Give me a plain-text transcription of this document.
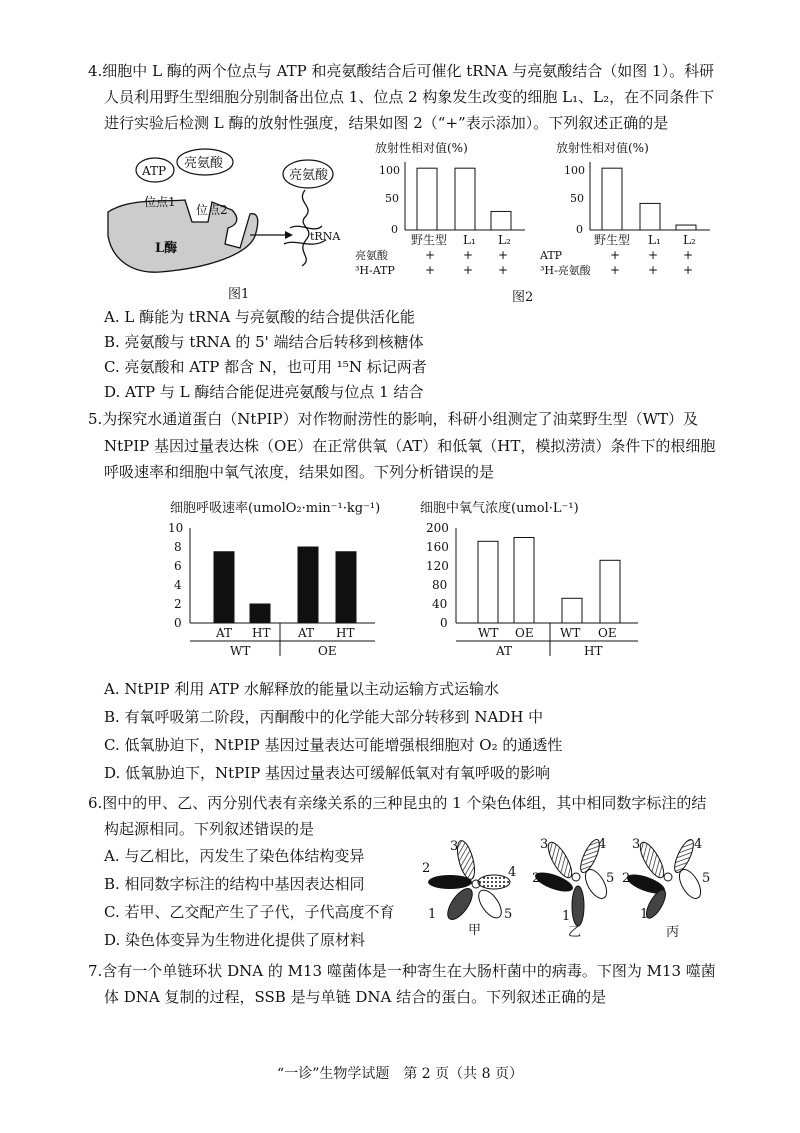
4.细胞中 L 酶的两个位点与 ATP 和亮氨酸结合后可催化 tRNA 与亮氨酸结合（如图 1）。科研
人员利用野生型细胞分别制备出位点 1、位点 2 构象发生改变的细胞 L₁、L₂，在不同条件下
进行实验后检测 L 酶的放射性强度，结果如图 2（“+”表示添加）。下列叙述正确的是
ATP 亮氨酸
位点1
位点2
L酶
亮氨酸
tRNA
图1
放射性相对值(%)
100
50
0
野生型 L₁ L₂
亮氨酸	+ + +
³H-ATP	+ + +
放射性相对值(%)
100
50
0
野生型 L₁ L₂
ATP	+ + +
³H-亮氨酸 + + +
图2
A. L 酶能为 tRNA 与亮氨酸的结合提供活化能
B. 亮氨酸与 tRNA 的 5' 端结合后转移到核糖体
C. 亮氨酸和 ATP 都含 N，也可用 ¹⁵N 标记两者
D. ATP 与 L 酶结合能促进亮氨酸与位点 1 结合
5.为探究水通道蛋白（NtPIP）对作物耐涝性的影响，科研小组测定了油菜野生型（WT）及
NtPIP 基因过量表达株（OE）在正常供氧（AT）和低氧（HT，模拟涝渍）条件下的根细胞
呼吸速率和细胞中氧气浓度，结果如图。下列分析错误的是
细胞呼吸速率(umolO₂·min⁻¹·kg⁻¹)
10
8
6
4
2
0
AT HT AT HT
WT	OE
细胞中氧气浓度(umol·L⁻¹)
200
160
120
80
40
0
WT OE WT OE
AT	HT
A. NtPIP 利用 ATP 水解释放的能量以主动运输方式运输水
B. 有氧呼吸第二阶段，丙酮酸中的化学能大部分转移到 NADH 中
C. 低氧胁迫下，NtPIP 基因过量表达可能增强根细胞对 O₂ 的通透性
D. 低氧胁迫下，NtPIP 基因过量表达可缓解低氧对有氧呼吸的影响
6.图中的甲、乙、丙分别代表有亲缘关系的三种昆虫的 1 个染色体组，其中相同数字标注的结
构起源相同。下列叙述错误的是
A. 与乙相比，丙发生了染色体结构变异
B. 相同数字标注的结构中基因表达相同
C. 若甲、乙交配产生了子代，子代高度不育
D. 染色体变异为生物进化提供了原材料
3
2	4
1	5
甲
3	4
2	5
1
乙
3	4
2	5
1
丙
7.含有一个单链环状 DNA 的 M13 噬菌体是一种寄生在大肠杆菌中的病毒。下图为 M13 噬菌
体 DNA 复制的过程，SSB 是与单链 DNA 结合的蛋白。下列叙述正确的是
“一诊”生物学试题　第 2 页（共 8 页）
